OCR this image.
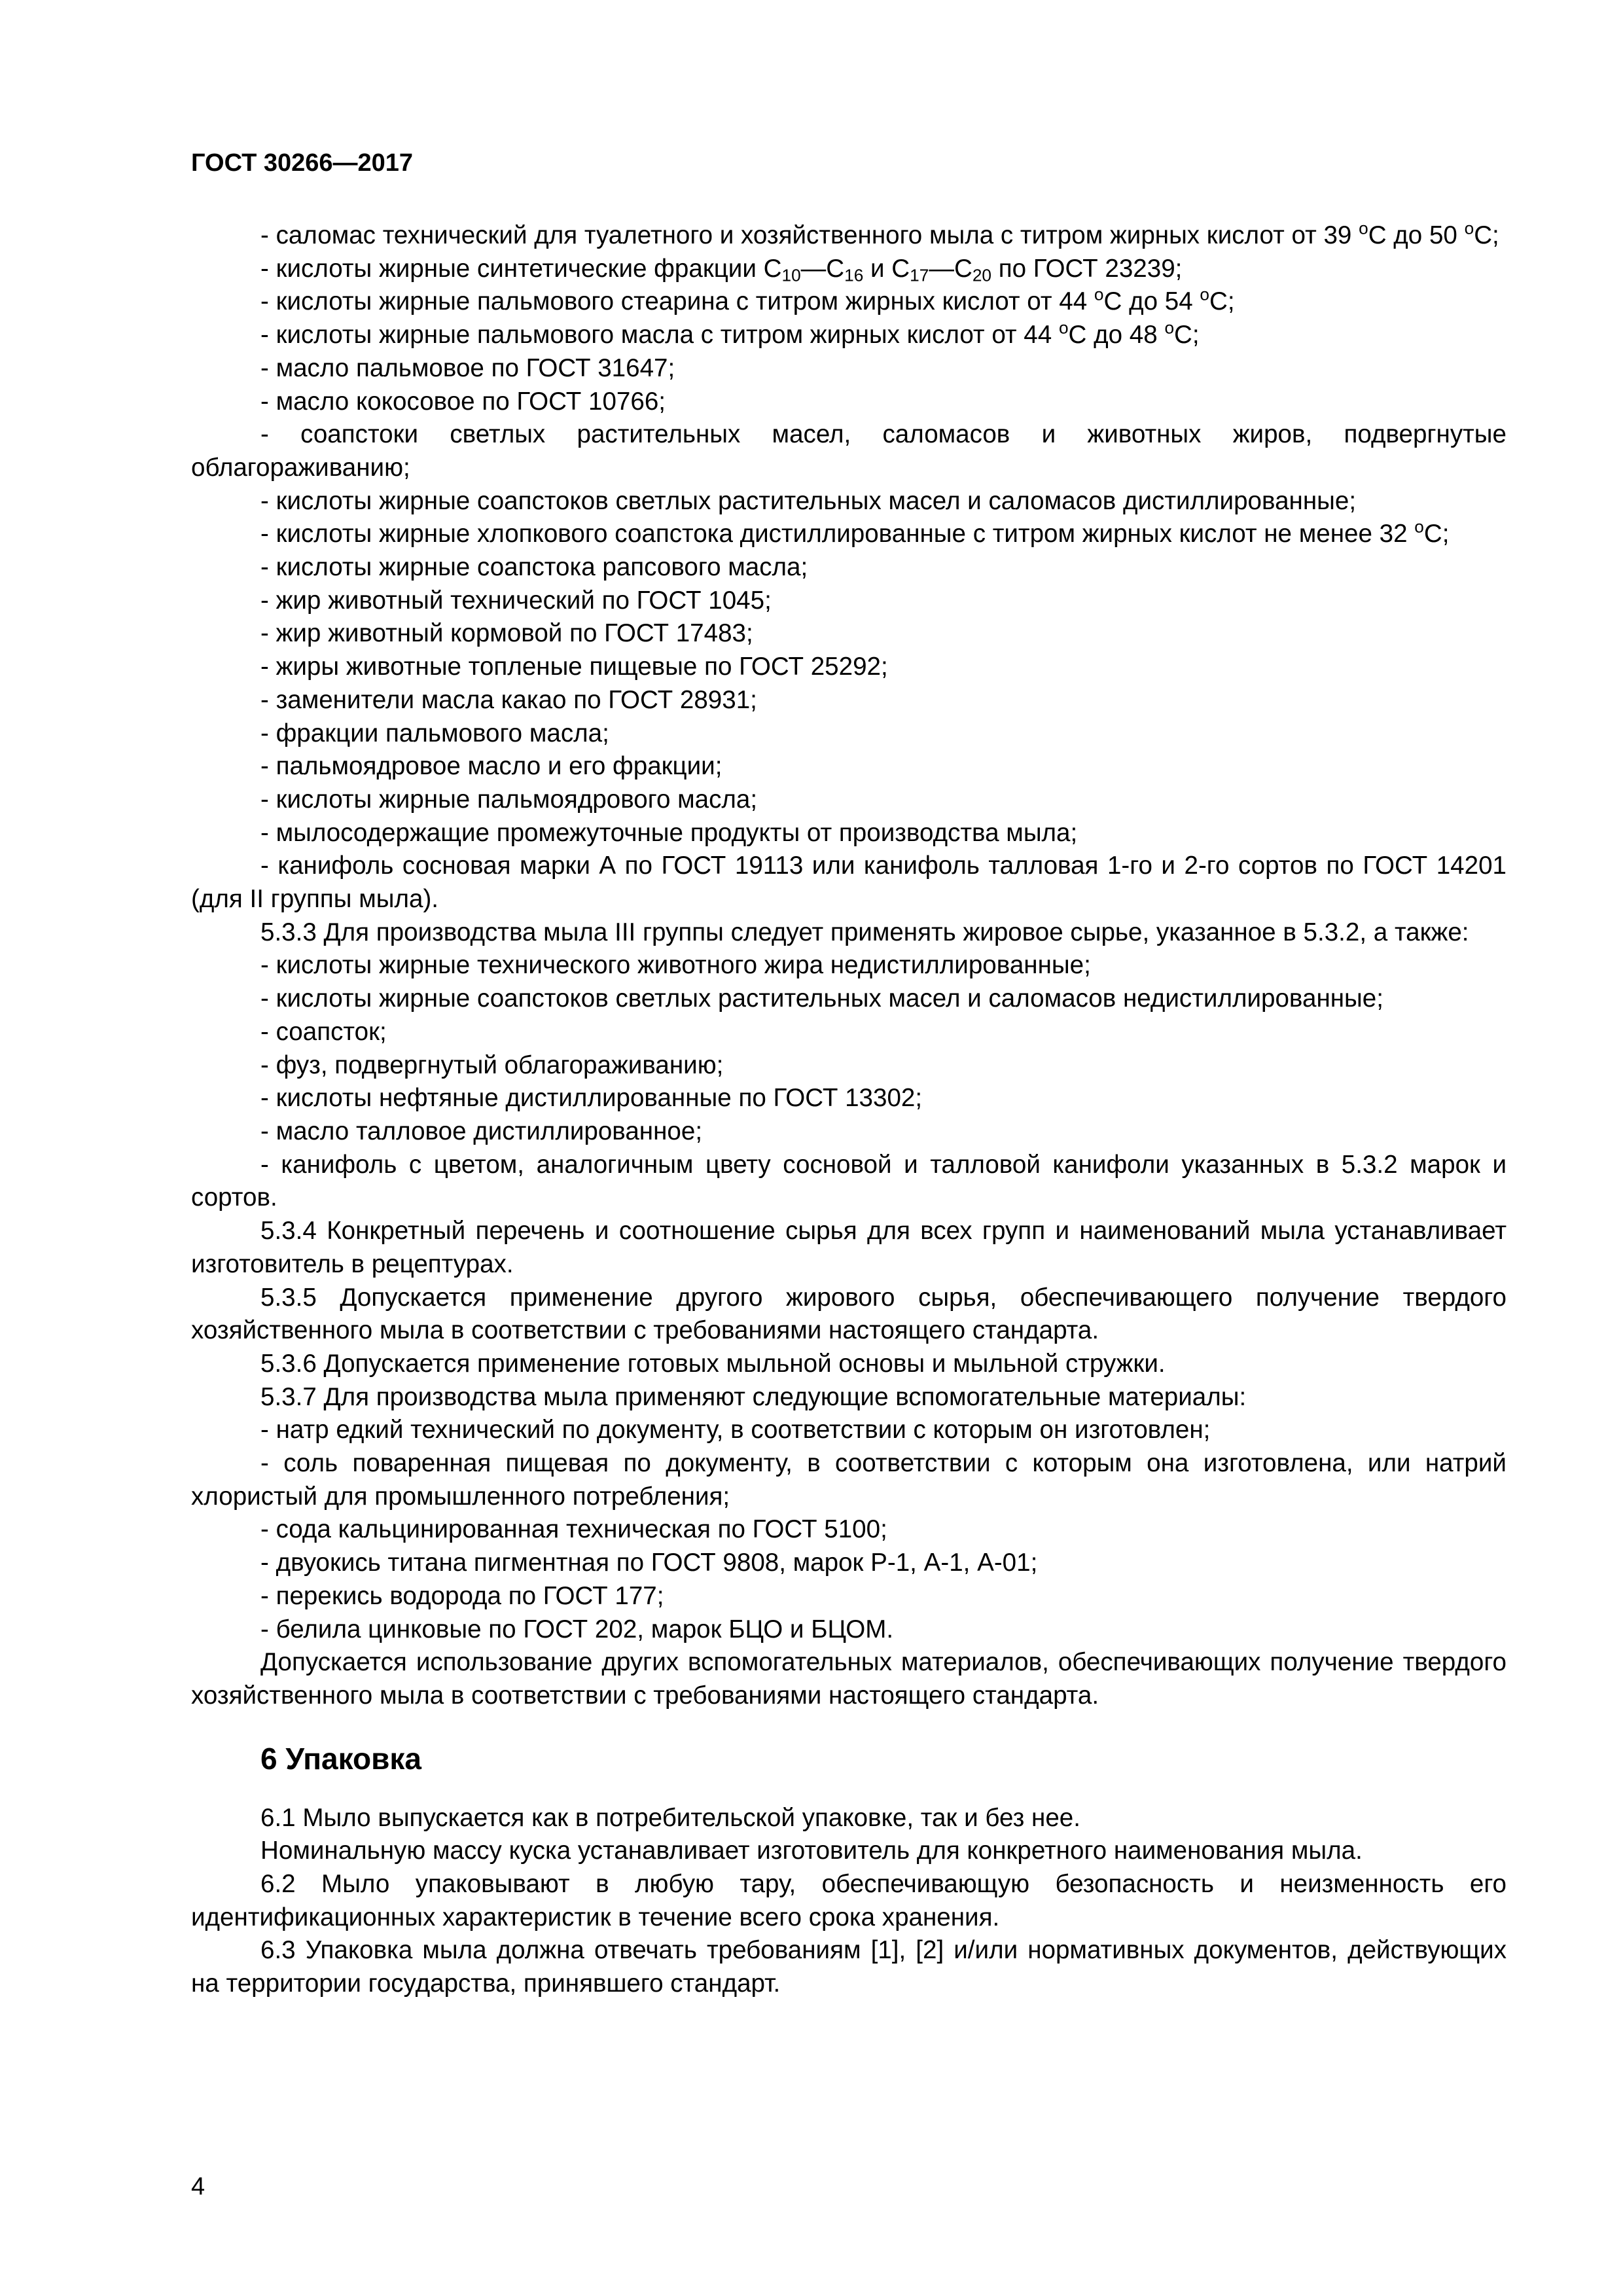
ГОСТ 30266—2017

- саломас технический для туалетного и хозяйственного мыла с титром жирных кислот от 39 $^o$С до 50 $^o$С;

- кислоты жирные синтетические фракции $С_{10}—С_{16}$ и $С_{17}—С_{20}$ по ГОСТ 23239;

- кислоты жирные пальмового стеарина с титром жирных кислот от 44 $^o$С до 54 $^o$С;

- кислоты жирные пальмового масла с титром жирных кислот от 44 $^o$С до 48 $^o$С;

- масло пальмовое по ГОСТ 31647;

- масло кокосовое по ГОСТ 10766;

- соапстоки светлых растительных масел, саломасов и животных жиров, подвергнутые облагораживанию;

- кислоты жирные соапстоков светлых растительных масел и саломасов дистиллированные;

- кислоты жирные хлопкового соапстока дистиллированные с титром жирных кислот не менее 32 $^o$С;

- кислоты жирные соапстока рапсового масла;

- жир животный технический по ГОСТ 1045;

- жир животный кормовой по ГОСТ 17483;

- жиры животные топленые пищевые по ГОСТ 25292;

- заменители масла какао по ГОСТ 28931;

- фракции пальмового масла;

- пальмоядровое масло и его фракции;

- кислоты жирные пальмоядрового масла;

- мылосодержащие промежуточные продукты от производства мыла;

- канифоль сосновая марки А по ГОСТ 19113 или канифоль талловая 1-го и 2-го сортов по ГОСТ 14201 (для II группы мыла).

5.3.3 Для производства мыла III группы следует применять жировое сырье, указанное в 5.3.2, а также:

- кислоты жирные технического животного жира недистиллированные;

- кислоты жирные соапстоков светлых растительных масел и саломасов недистиллированные;

- соапсток;

- фуз, подвергнутый облагораживанию;

- кислоты нефтяные дистиллированные по ГОСТ 13302;

- масло талловое дистиллированное;

- канифоль с цветом, аналогичным цвету сосновой и талловой канифоли указанных в 5.3.2 марок и сортов.

5.3.4 Конкретный перечень и соотношение сырья для всех групп и наименований мыла устанавливает изготовитель в рецептурах.

5.3.5 Допускается применение другого жирового сырья, обеспечивающего получение твердого хозяйственного мыла в соответствии с требованиями настоящего стандарта.

5.3.6 Допускается применение готовых мыльной основы и мыльной стружки.

5.3.7 Для производства мыла применяют следующие вспомогательные материалы:

- натр едкий технический по документу, в соответствии с которым он изготовлен;

- соль поваренная пищевая по документу, в соответствии с которым она изготовлена, или натрий хлористый для промышленного потребления;

- сода кальцинированная техническая по ГОСТ 5100;

- двуокись титана пигментная по ГОСТ 9808, марок Р-1, А-1, А-01;

- перекись водорода по ГОСТ 177;

- белила цинковые по ГОСТ 202, марок БЦО и БЦОМ.

Допускается использование других вспомогательных материалов, обеспечивающих получение твердого хозяйственного мыла в соответствии с требованиями настоящего стандарта.

6 Упаковка

6.1 Мыло выпускается как в потребительской упаковке, так и без нее.

Номинальную массу куска устанавливает изготовитель для конкретного наименования мыла.

6.2 Мыло упаковывают в любую тару, обеспечивающую безопасность и неизменность его идентификационных характеристик в течение всего срока хранения.

6.3 Упаковка мыла должна отвечать требованиям [1], [2] и/или нормативных документов, действующих на территории государства, принявшего стандарт.

4
